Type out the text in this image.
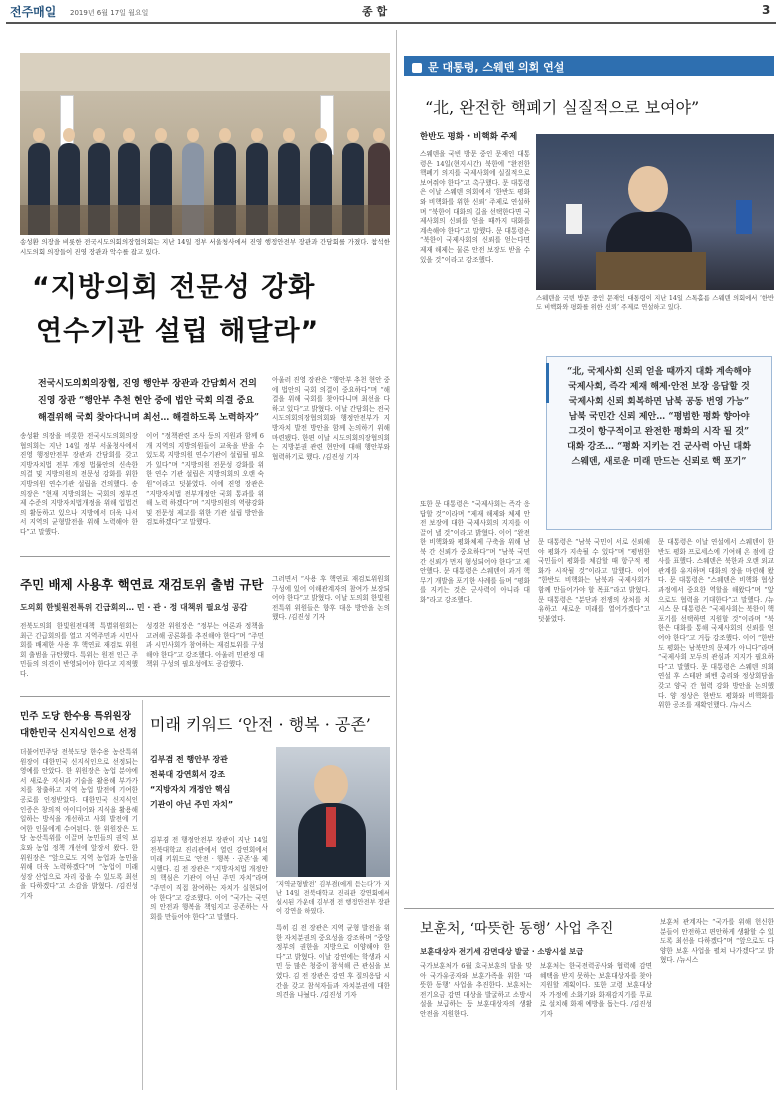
전주매일 2019년 6월 17일 월요일	종 합	3
송성환 의장을 비롯한 전국시도의회의장협의회는 지난 14일 정부 서울청사에서 진영 행정안전부 장관과 간담회를 가졌다. 참석한 시도의회 의장들이 진영 장관과 악수를 잡고 있다.
“지방의회 전문성 강화
연수기관 설립 해달라”
전국시도의회의장협, 진영 행안부 장관과 간담회서 건의
진영 장관 “행안부 추천 현안 중에 법안 국회 의결 중요
해결위해 국회 찾아다니며 최선… 해결하도록 노력하자”
송성환 의장을 비롯한 전국시도의회의장협의회는 지난 14일 정부 서울청사에서 진영 행정안전부 장관과 간담회를 갖고 지방자치법 전부 개정 법률안의 신속한 의결 및 지방의원의 전문성 강화를 위한 지방의원 연수기관 설립을 건의했다. 송 의장은 “현재 지방의회는 국회의 정부견제 수준의 지방자치법개정을 위해 입법건의 활동하고 있으나 지방에서 더욱 나서서 지역의 균형발전을 위해 노력해야 한다”고 말했다.
이어 “정책관련 조사 등의 지원과 함께 6개 지역의 지방의원들이 교육을 받을 수 있도록 지방의원 연수기관이 설립될 필요가 있다”며 “지방의원 전문성 강화를 위한 연수 기관 설립은 지방의회의 오랜 숙원”이라고 덧붙였다. 이에 진영 장관은 “지방자치법 전부개정안 국회 통과를 위해 노력 하겠다”며 “지방의원의 역량강화 및 전문성 제고를 위한 기관 설립 방안을 검토하겠다”고 말했다.
아울러 진영 장관은 “행안부 추천 현안 중에 법안의 국회 의결이 중요하다”며 “해결을 위해 국회를 찾아다니며 최선을 다하고 있다”고 밝혔다. 이날 간담회는 전국시도의회의장협의회와 행정안전부가 지방자치 발전 방안을 함께 논의하기 위해 마련됐다. 한편 이날 시도의회의장협의회는 지방분권 관련 현안에 대해 행안부와 협력하기로 했다. /김진성 기자
주민 배제 사용후 핵연료 재검토위 출범 규탄
도의회 한빛원전특위 긴급회의… 민 · 관 · 정 대책위 필요성 공감
전북도의회 한빛원전대책 특별위원회는 최근 긴급회의를 열고 지역주민과 시민사회를 배제한 사용 후 핵연료 재검토 위원회 출범을 규탄했다. 특위는 원전 인근 주민들의 의견이 반영되어야 한다고 지적했다.
성경찬 위원장은 “정부는 여론과 정책을 고려해 공론화를 추진해야 한다”며 “주민과 시민사회가 참여하는 재검토위를 구성해야 한다”고 강조했다. 아울러 민관정 대책위 구성의 필요성에도 공감했다.
그러면서 “사용 후 핵연료 재검토위원회 구성에 있어 이해관계자의 참여가 보장되어야 한다”고 밝혔다. 이날 도의회 한빛원전특위 위원들은 향후 대응 방안을 논의했다. /김진성 기자
민주 도당 한수용 특위원장
대한민국 신지식인으로 선정
더불어민주당 전북도당 한수용 농산특위원장이 대한민국 신지식인으로 선정되는 영예를 안았다. 한 위원장은 농업 분야에서 새로운 지식과 기술을 활용해 부가가치를 창출하고 지역 농업 발전에 기여한 공로를 인정받았다. 대한민국 신지식인 인증은 창의적 아이디어와 지식을 활용해 일하는 방식을 개선하고 사회 발전에 기여한 인물에게 수여된다. 한 위원장은 도당 농산특위를 이끌며 농민들의 권익 보호와 농업 정책 개선에 앞장서 왔다. 한 위원장은 “앞으로도 지역 농업과 농민을 위해 더욱 노력하겠다”며 “농업이 미래 성장 산업으로 자리 잡을 수 있도록 최선을 다하겠다”고 소감을 밝혔다. /김진성 기자
미래 키워드 ‘안전 · 행복 · 공존’
김부겸 전 행안부 장관
전북대 강연회서 강조
“지방자치 개정안 핵심
기관이 아닌 주민 자치”
‘지역균형발전’ 김부겸(에게 듣는다’가 지난 14일 전북대학교 진리관 강연회에서 실시된 가운데 김부겸 전 행정안전부 장관이 강연을 하였다.
김부겸 전 행정안전부 장관이 지난 14일 전북대학교 진리관에서 열린 강연회에서 미래 키워드로 ‘안전 · 행복 · 공존’을 제시했다. 김 전 장관은 “지방자치법 개정안의 핵심은 기관이 아닌 주민 자치”라며 “주민이 직접 참여하는 자치가 실현되어야 한다”고 강조했다. 이어 “국가는 국민의 안전과 행복을 책임지고 공존하는 사회를 만들어야 한다”고 말했다.
특히 김 전 장관은 지역 균형 발전을 위한 자치분권의 중요성을 강조하며 “중앙정부의 권한을 지방으로 이양해야 한다”고 밝혔다. 이날 강연에는 학생과 시민 등 많은 청중이 참석해 큰 관심을 보였다. 김 전 장관은 강연 후 질의응답 시간을 갖고 참석자들과 자치분권에 대한 의견을 나눴다. /김진성 기자
문 대통령, 스웨덴 의회 연설
“北, 완전한 핵폐기 실질적으로 보여야”
한반도 평화 · 비핵화 주제
스웨덴을 국빈 방문 중인 문재인 대통령이 지난 14일 스톡홀름 스웨덴 의회에서 ‘한반도 비핵화와 평화를 위한 신뢰’ 주제로 연설하고 있다.
스웨덴을 국빈 방문 중인 문재인 대통령은 14일(현지시간) 북한에 “완전한 핵폐기 의지를 국제사회에 실질적으로 보여줘야 한다”고 촉구했다. 문 대통령은 이날 스웨덴 의회에서 ‘한반도 평화와 비핵화를 위한 신뢰’ 주제로 연설하며 “북한이 대화의 길을 선택한다면 국제사회의 신뢰를 얻을 때까지 대화를 계속해야 한다”고 말했다. 문 대통령은 “북한이 국제사회의 신뢰를 얻는다면 제재 해제는 물론 안전 보장도 받을 수 있을 것”이라고 강조했다.
“北, 국제사회 신뢰 얻을 때까지 대화 계속해야
국제사회, 즉각 제재 해제·안전 보장 응답할 것
국제사회 신뢰 회복하면 남북 공동 번영 가능”
남북 국민간 신뢰 제안… “평범한 평화 향아야
그것이 항구적이고 완전한 평화의 시작 될 것”
대화 강조… “평화 지키는 건 군사력 아닌 대화
스웨덴, 새로운 미래 만드는 신뢰로 핵 포기”
또한 문 대통령은 “국제사회는 즉각 응답할 것”이라며 “제재 해제와 체제 안전 보장에 대한 국제사회의 지지를 이끌어 낼 것”이라고 밝혔다. 이어 “완전한 비핵화와 평화체제 구축을 위해 남북 간 신뢰가 중요하다”며 “남북 국민 간 신뢰가 먼저 형성되어야 한다”고 제안했다. 문 대통령은 스웨덴이 과거 핵무기 개발을 포기한 사례를 들며 “평화를 지키는 것은 군사력이 아니라 대화”라고 강조했다.
문 대통령은 “남북 국민이 서로 신뢰해야 평화가 지속될 수 있다”며 “평범한 국민들이 평화를 체감할 때 항구적 평화가 시작될 것”이라고 말했다. 이어 “한반도 비핵화는 남북과 국제사회가 함께 만들어가야 할 목표”라고 밝혔다. 문 대통령은 “분단과 전쟁의 상처를 치유하고 새로운 미래를 열어가겠다”고 덧붙였다.
문 대통령은 이날 연설에서 스웨덴이 한반도 평화 프로세스에 기여해 온 점에 감사를 표했다. 스웨덴은 북한과 오랜 외교 관계를 유지하며 대화의 장을 마련해 왔다. 문 대통령은 “스웨덴은 비핵화 협상 과정에서 중요한 역할을 해왔다”며 “앞으로도 협력을 기대한다”고 말했다. /뉴시스 문 대통령은 “국제사회는 북한이 핵 포기를 선택하면 지원할 것”이라며 “북한은 대화를 통해 국제사회의 신뢰를 얻어야 한다”고 거듭 강조했다. 이어 “한반도 평화는 남북만의 문제가 아니다”라며 “국제사회 모두의 관심과 지지가 필요하다”고 말했다. 문 대통령은 스웨덴 의회 연설 후 스테판 뢰벤 총리와 정상회담을 갖고 양국 간 협력 강화 방안을 논의했다. 양 정상은 한반도 평화와 비핵화를 위한 공조를 재확인했다. /뉴시스
보훈처, ‘따뜻한 동행’ 사업 추진
보훈대상자 전기세 감면대상 발굴 · 소방시설 보급
국가보훈처가 6월 호국보훈의 달을 맞아 국가유공자와 보훈가족을 위한 ‘따뜻한 동행’ 사업을 추진한다. 보훈처는 전기요금 감면 대상을 발굴하고 소방시설을 보급하는 등 보훈대상자의 생활 안전을 지원한다.
보훈처는 한국전력공사와 협력해 감면 혜택을 받지 못하는 보훈대상자를 찾아 지원할 계획이다. 또한 고령 보훈대상자 가정에 소화기와 화재감지기를 무료로 설치해 화재 예방을 돕는다. /김진성 기자
보훈처 관계자는 “국가를 위해 헌신한 분들이 안전하고 편안하게 생활할 수 있도록 최선을 다하겠다”며 “앞으로도 다양한 보훈 사업을 펼쳐 나가겠다”고 밝혔다. /뉴시스
